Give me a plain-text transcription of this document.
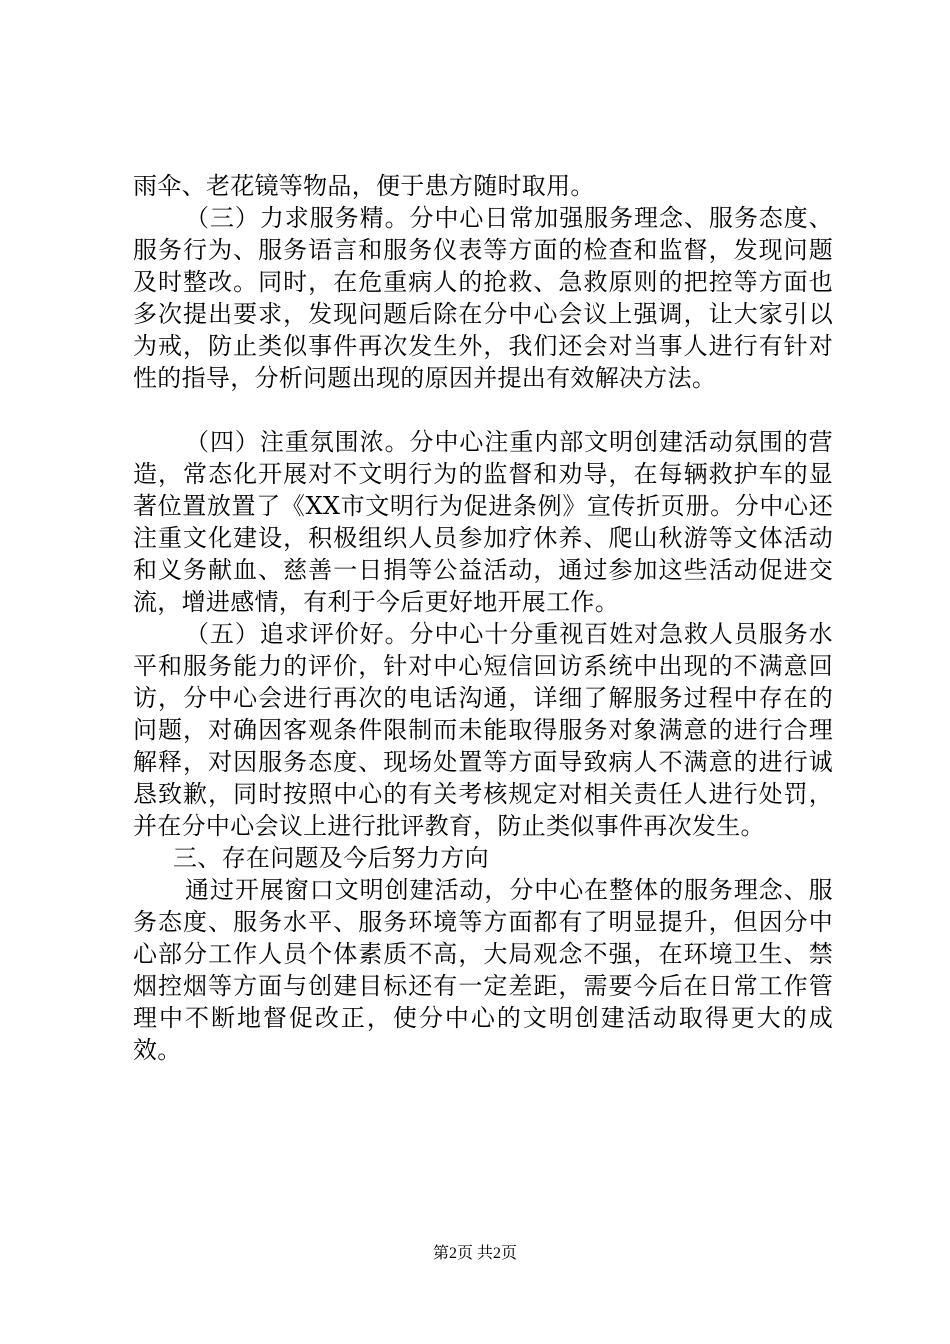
雨伞、老花镜等物品，便于患方随时取用。

（三）力求服务精。分中心日常加强服务理念、服务态度、服务行为、服务语言和服务仪表等方面的检查和监督，发现问题及时整改。同时，在危重病人的抢救、急救原则的把控等方面也多次提出要求，发现问题后除在分中心会议上强调，让大家引以为戒，防止类似事件再次发生外，我们还会对当事人进行有针对性的指导，分析问题出现的原因并提出有效解决方法。

（四）注重氛围浓。分中心注重内部文明创建活动氛围的营造，常态化开展对不文明行为的监督和劝导，在每辆救护车的显著位置放置了《XX市文明行为促进条例》宣传折页册。分中心还注重文化建设，积极组织人员参加疗休养、爬山秋游等文体活动和义务献血、慈善一日捐等公益活动，通过参加这些活动促进交流，增进感情，有利于今后更好地开展工作。

（五）追求评价好。分中心十分重视百姓对急救人员服务水平和服务能力的评价，针对中心短信回访系统中出现的不满意回访，分中心会进行再次的电话沟通，详细了解服务过程中存在的问题，对确因客观条件限制而未能取得服务对象满意的进行合理解释，对因服务态度、现场处置等方面导致病人不满意的进行诚恳致歉，同时按照中心的有关考核规定对相关责任人进行处罚，并在分中心会议上进行批评教育，防止类似事件再次发生。

三、存在问题及今后努力方向

通过开展窗口文明创建活动，分中心在整体的服务理念、服务态度、服务水平、服务环境等方面都有了明显提升，但因分中心部分工作人员个体素质不高，大局观念不强，在环境卫生、禁烟控烟等方面与创建目标还有一定差距，需要今后在日常工作管理中不断地督促改正，使分中心的文明创建活动取得更大的成效。

第2页 共2页
